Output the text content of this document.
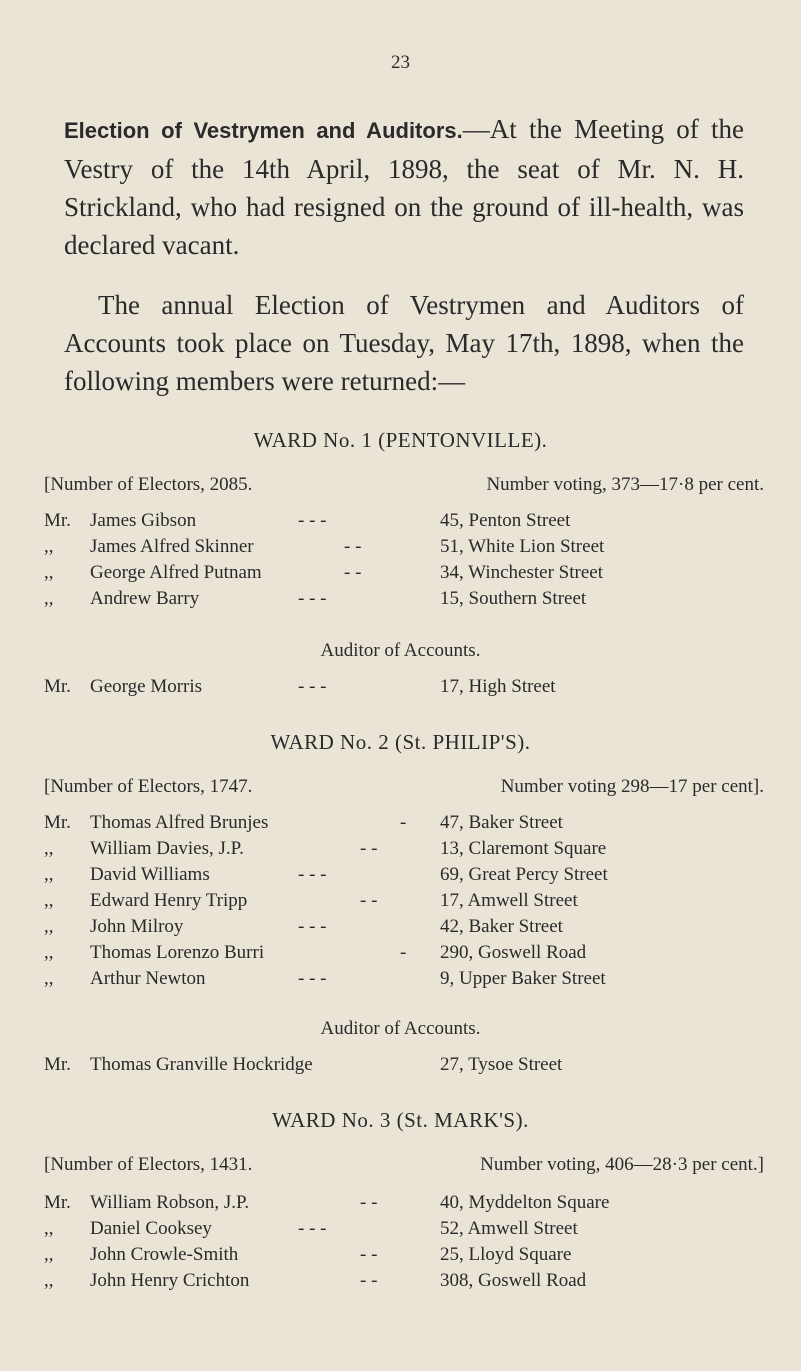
23
Election of Vestrymen and Auditors.—At the Meeting of the Vestry of the 14th April, 1898, the seat of Mr. N. H. Strickland, who had resigned on the ground of ill-health, was declared vacant.
The annual Election of Vestrymen and Auditors of Accounts took place on Tuesday, May 17th, 1898, when the following members were returned:—
WARD No. 1 (PENTONVILLE).
[Number of Electors, 2085.	Number voting, 373—17·8 per cent.
Mr.	James Gibson	- - -	45, Penton Street
,,	James Alfred Skinner	- -	51, White Lion Street
,,	George Alfred Putnam	- -	34, Winchester Street
,,	Andrew Barry	- - -	15, Southern Street
Auditor of Accounts.
Mr.	George Morris	- - -	17, High Street
WARD No. 2 (St. PHILIP'S).
[Number of Electors, 1747.	Number voting 298—17 per cent].
Mr.	Thomas Alfred Brunjes	- 47, Baker Street
,,	William Davies, J.P.	- -	13, Claremont Square
,,	David Williams	- - -	69, Great Percy Street
,,	Edward Henry Tripp	- -	17, Amwell Street
,,	John Milroy	- - -	42, Baker Street
,,	Thomas Lorenzo Burri	- 290, Goswell Road
,,	Arthur Newton	- - -	9, Upper Baker Street
Auditor of Accounts.
Mr.	Thomas Granville Hockridge	27, Tysoe Street
WARD No. 3 (St. MARK'S).
[Number of Electors, 1431.	Number voting, 406—28·3 per cent.]
Mr.	William Robson, J.P.	- -	40, Myddelton Square
,,	Daniel Cooksey	- - -	52, Amwell Street
,,	John Crowle-Smith	- -	25, Lloyd Square
,,	John Henry Crichton	- -	308, Goswell Road
